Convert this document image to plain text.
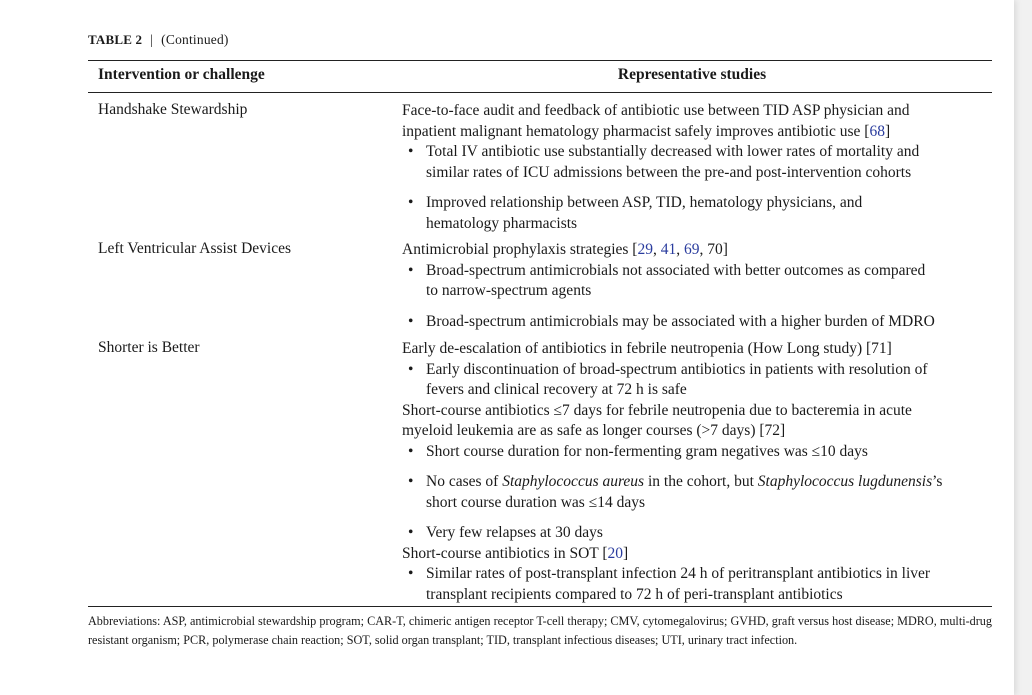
TABLE 2 | (Continued)
Intervention or challenge	Representative studies
Handshake Stewardship	Face-to-face audit and feedback of antibiotic use between TID ASP physician and
inpatient malignant hematology pharmacist safely improves antibiotic use [68]
• Total IV antibiotic use substantially decreased with lower rates of mortality and
similar rates of ICU admissions between the pre-and post-intervention cohorts
• Improved relationship between ASP, TID, hematology physicians, and
hematology pharmacists
Left Ventricular Assist Devices	Antimicrobial prophylaxis strategies [29, 41, 69, 70]
• Broad-spectrum antimicrobials not associated with better outcomes as compared
to narrow-spectrum agents
• Broad-spectrum antimicrobials may be associated with a higher burden of MDRO
Shorter is Better	Early de-escalation of antibiotics in febrile neutropenia (How Long study) [71]
• Early discontinuation of broad-spectrum antibiotics in patients with resolution of
fevers and clinical recovery at 72 h is safe
Short-course antibiotics ≤7 days for febrile neutropenia due to bacteremia in acute
myeloid leukemia are as safe as longer courses (>7 days) [72]
• Short course duration for non-fermenting gram negatives was ≤10 days
• No cases of Staphylococcus aureus in the cohort, but Staphylococcus lugdunensis’s
short course duration was ≤14 days
• Very few relapses at 30 days
Short-course antibiotics in SOT [20]
• Similar rates of post-transplant infection 24 h of peritransplant antibiotics in liver
transplant recipients compared to 72 h of peri-transplant antibiotics
Abbreviations: ASP, antimicrobial stewardship program; CAR-T, chimeric antigen receptor T-cell therapy; CMV, cytomegalovirus; GVHD, graft versus host disease; MDRO, multi-drug resistant organism; PCR, polymerase chain reaction; SOT, solid organ transplant; TID, transplant infectious diseases; UTI, urinary tract infection.
